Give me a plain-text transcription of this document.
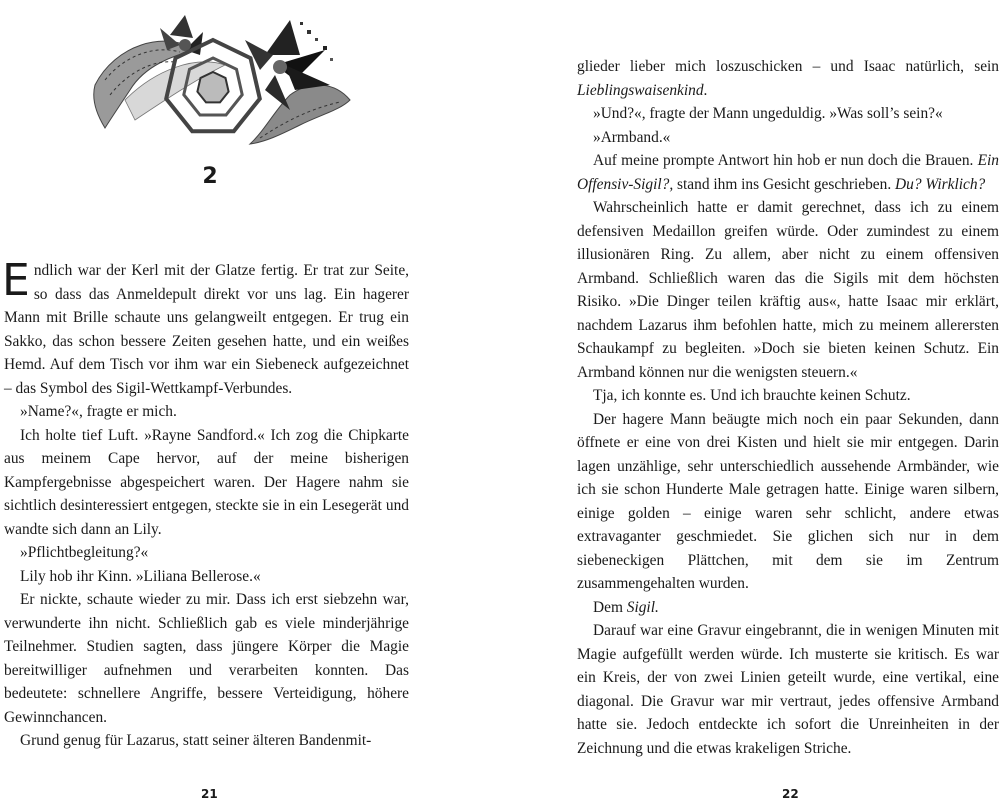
2

Endlich war der Kerl mit der Glatze fertig. Er trat zur Seite, so dass das Anmeldepult direkt vor uns lag. Ein hagerer Mann mit Brille schaute uns gelangweilt entgegen. Er trug ein Sakko, das schon bessere Zeiten gesehen hatte, und ein weißes Hemd. Auf dem Tisch vor ihm war ein Siebeneck aufgezeichnet – das Symbol des Sigil-Wettkampf-Verbundes.

»Name?«, fragte er mich.

Ich holte tief Luft. »Rayne Sandford.« Ich zog die Chipkarte aus meinem Cape hervor, auf der meine bisherigen Kampfergebnisse abgespeichert waren. Der Hagere nahm sie sichtlich desinteressiert entgegen, steckte sie in ein Lesegerät und wandte sich dann an Lily.

»Pflichtbegleitung?«

Lily hob ihr Kinn. »Liliana Bellerose.«

Er nickte, schaute wieder zu mir. Dass ich erst siebzehn war, verwunderte ihn nicht. Schließlich gab es viele minderjährige Teilnehmer. Studien sagten, dass jüngere Körper die Magie bereitwilliger aufnehmen und verarbeiten konnten. Das bedeutete: schnellere Angriffe, bessere Verteidigung, höhere Gewinnchancen.

Grund genug für Lazarus, statt seiner älteren Bandenmit-

21

glieder lieber mich loszuschicken – und Isaac natürlich, sein Lieblingswaisenkind.

»Und?«, fragte der Mann ungeduldig. »Was soll’s sein?«

»Armband.«

Auf meine prompte Antwort hin hob er nun doch die Brauen. Ein Offensiv-Sigil?, stand ihm ins Gesicht geschrieben. Du? Wirklich?

Wahrscheinlich hatte er damit gerechnet, dass ich zu einem defensiven Medaillon greifen würde. Oder zumindest zu einem illusionären Ring. Zu allem, aber nicht zu einem offensiven Armband. Schließlich waren das die Sigils mit dem höchsten Risiko. »Die Dinger teilen kräftig aus«, hatte Isaac mir erklärt, nachdem Lazarus ihm befohlen hatte, mich zu meinem allerersten Schaukampf zu begleiten. »Doch sie bieten keinen Schutz. Ein Armband können nur die wenigsten steuern.«

Tja, ich konnte es. Und ich brauchte keinen Schutz.

Der hagere Mann beäugte mich noch ein paar Sekunden, dann öffnete er eine von drei Kisten und hielt sie mir entgegen. Darin lagen unzählige, sehr unterschiedlich aussehende Armbänder, wie ich sie schon Hunderte Male getragen hatte. Einige waren silbern, einige golden – einige waren sehr schlicht, andere etwas extravaganter geschmiedet. Sie glichen sich nur in dem siebeneckigen Plättchen, mit dem sie im Zentrum zusammengehalten wurden.

Dem Sigil.

Darauf war eine Gravur eingebrannt, die in wenigen Minuten mit Magie aufgefüllt werden würde. Ich musterte sie kritisch. Es war ein Kreis, der von zwei Linien geteilt wurde, eine vertikal, eine diagonal. Die Gravur war mir vertraut, jedes offensive Armband hatte sie. Jedoch entdeckte ich sofort die Unreinheiten in der Zeichnung und die etwas krakeligen Striche.

22
